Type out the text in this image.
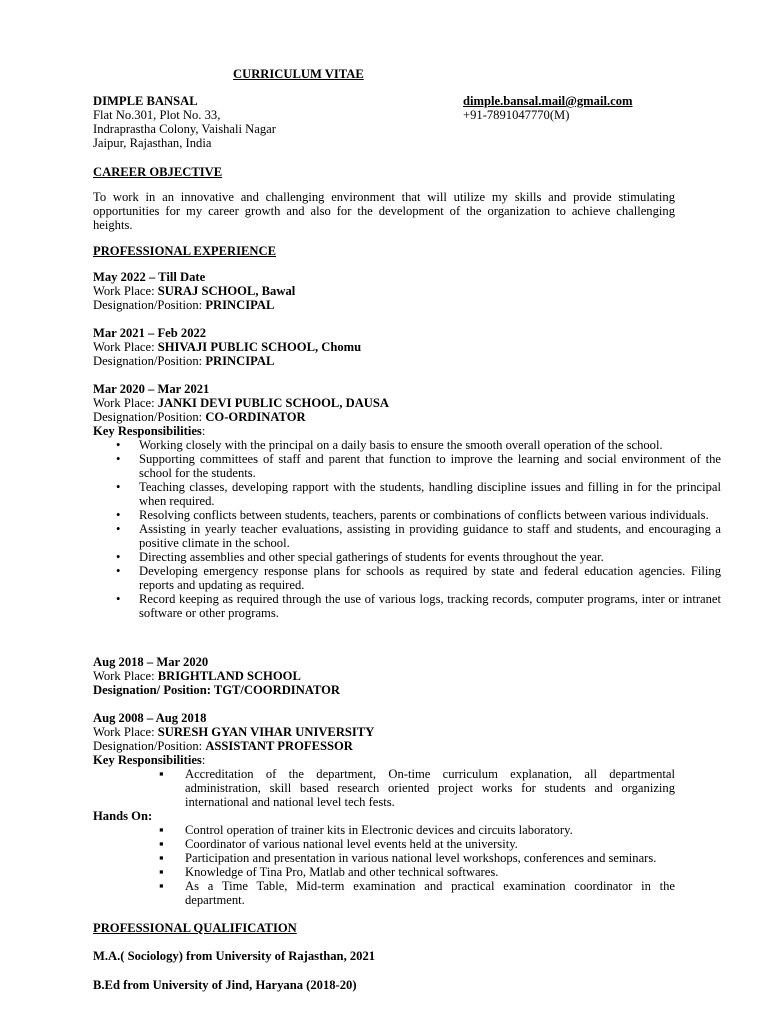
CURRICULUM VITAE
DIMPLE BANSAL
Flat No.301, Plot No. 33,
Indraprastha Colony, Vaishali Nagar
Jaipur, Rajasthan, India
dimple.bansal.mail@gmail.com
+91-7891047770(M)
CAREER OBJECTIVE
To work in an innovative and challenging environment that will utilize my skills and provide stimulating opportunities for my career growth and also for the development of the organization to achieve challenging heights.
PROFESSIONAL EXPERIENCE
May 2022 – Till Date
Work Place: SURAJ SCHOOL, Bawal
Designation/Position: PRINCIPAL
Mar 2021 – Feb 2022
Work Place: SHIVAJI PUBLIC SCHOOL, Chomu
Designation/Position: PRINCIPAL
Mar 2020 – Mar 2021
Work Place: JANKI DEVI PUBLIC SCHOOL, DAUSA
Designation/Position: CO-ORDINATOR
Key Responsibilities:
• Working closely with the principal on a daily basis to ensure the smooth overall operation of the school.
• Supporting committees of staff and parent that function to improve the learning and social environment of the school for the students.
• Teaching classes, developing rapport with the students, handling discipline issues and filling in for the principal when required.
• Resolving conflicts between students, teachers, parents or combinations of conflicts between various individuals.
• Assisting in yearly teacher evaluations, assisting in providing guidance to staff and students, and encouraging a positive climate in the school.
• Directing assemblies and other special gatherings of students for events throughout the year.
• Developing emergency response plans for schools as required by state and federal education agencies. Filing reports and updating as required.
• Record keeping as required through the use of various logs, tracking records, computer programs, inter or intranet software or other programs.
Aug 2018 – Mar 2020
Work Place: BRIGHTLAND SCHOOL
Designation/ Position: TGT/COORDINATOR
Aug 2008 – Aug 2018
Work Place: SURESH GYAN VIHAR UNIVERSITY
Designation/Position: ASSISTANT PROFESSOR
Key Responsibilities:
▪ Accreditation of the department, On-time curriculum explanation, all departmental administration, skill based research oriented project works for students and organizing international and national level tech fests.
Hands On:
▪ Control operation of trainer kits in Electronic devices and circuits laboratory.
▪ Coordinator of various national level events held at the university.
▪ Participation and presentation in various national level workshops, conferences and seminars.
▪ Knowledge of Tina Pro, Matlab and other technical softwares.
▪ As a Time Table, Mid-term examination and practical examination coordinator in the department.
PROFESSIONAL QUALIFICATION
M.A.( Sociology) from University of Rajasthan, 2021
B.Ed from University of Jind, Haryana (2018-20)
